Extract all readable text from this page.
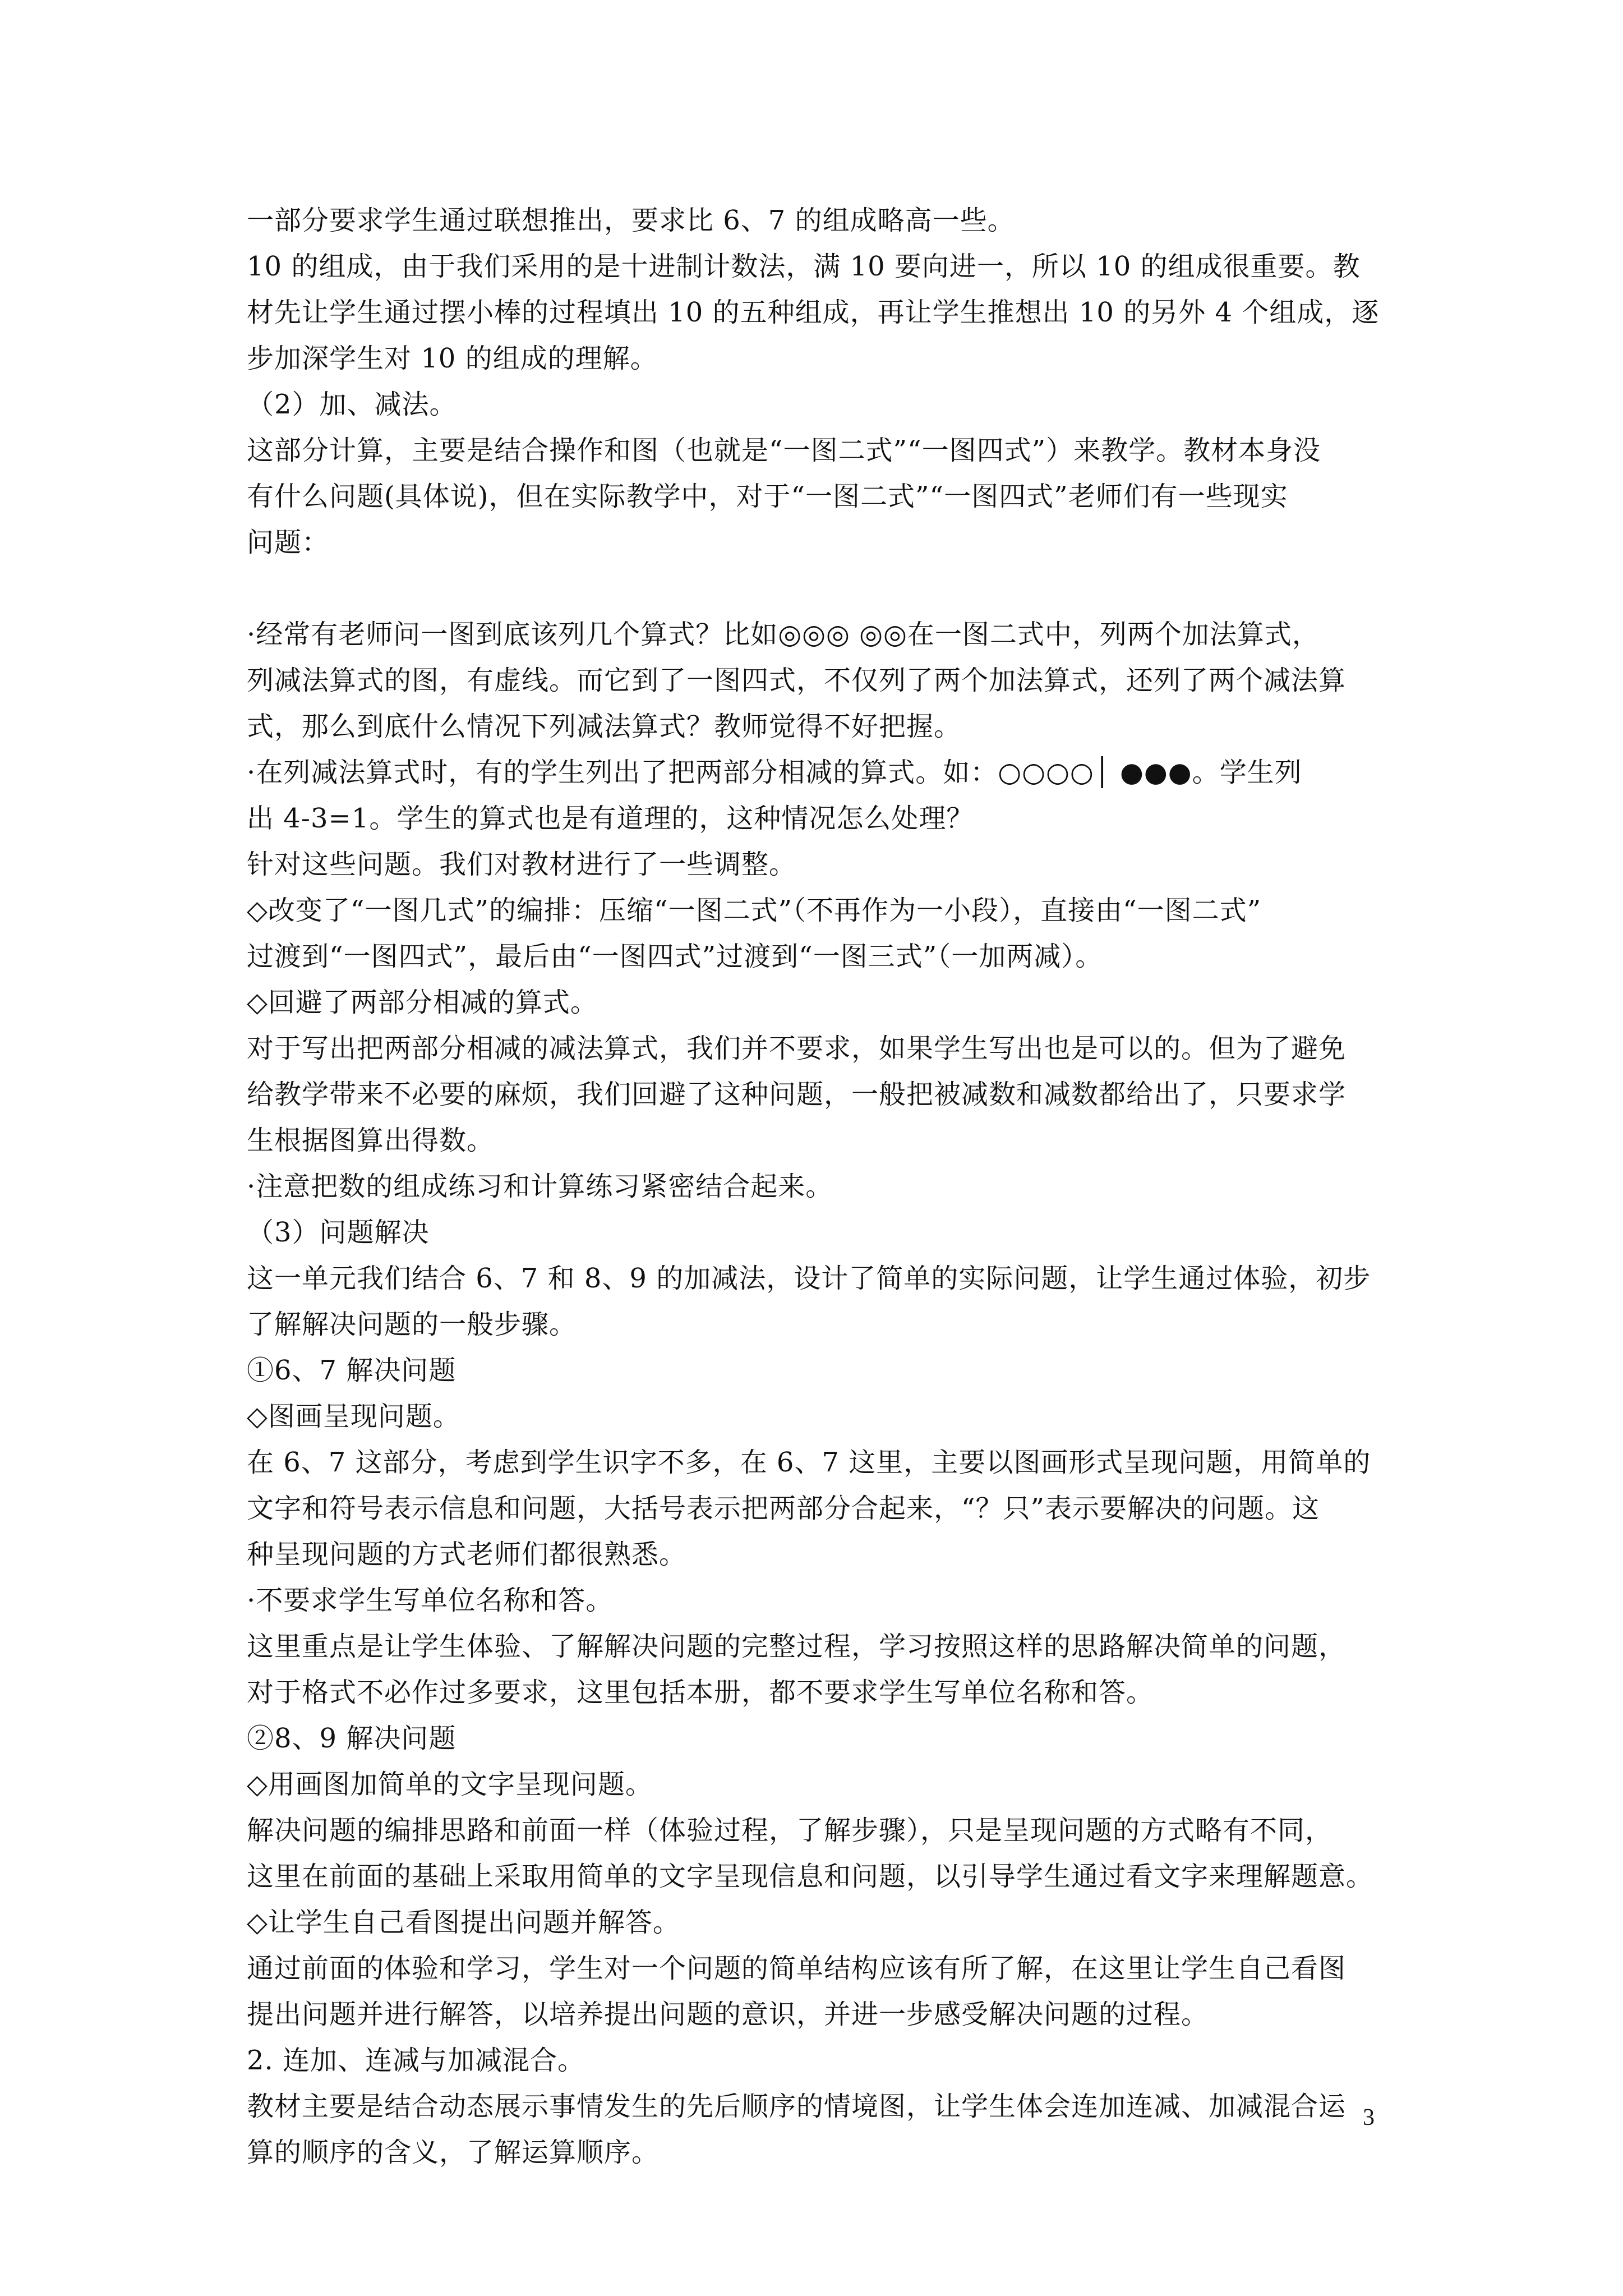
一部分要求学生通过联想推出，要求比 6、7 的组成略高一些。
10 的组成，由于我们采用的是十进制计数法，满 10 要向进一，所以 10 的组成很重要。教
材先让学生通过摆小棒的过程填出 10 的五种组成，再让学生推想出 10 的另外 4 个组成，逐
步加深学生对 10 的组成的理解。
（2）加、减法。
这部分计算，主要是结合操作和图（也就是“一图二式”“一图四式”）来教学。教材本身没
有什么问题(具体说)，但在实际教学中，对于“一图二式”“一图四式”老师们有一些现实
问题：
·经常有老师问一图到底该列几个算式？比如◎◎◎ ◎◎在一图二式中，列两个加法算式，
列减法算式的图，有虚线。而它到了一图四式，不仅列了两个加法算式，还列了两个减法算
式，那么到底什么情况下列减法算式？教师觉得不好把握。
·在列减法算式时，有的学生列出了把两部分相减的算式。如：○○○○│ ●●●。学生列
出 4-3=1。学生的算式也是有道理的，这种情况怎么处理？
针对这些问题。我们对教材进行了一些调整。
◇改变了“一图几式”的编排：压缩“一图二式”（不再作为一小段），直接由“一图二式”
过渡到“一图四式”，最后由“一图四式”过渡到“一图三式”（一加两减）。
◇回避了两部分相减的算式。
对于写出把两部分相减的减法算式，我们并不要求，如果学生写出也是可以的。但为了避免
给教学带来不必要的麻烦，我们回避了这种问题，一般把被减数和减数都给出了，只要求学
生根据图算出得数。
·注意把数的组成练习和计算练习紧密结合起来。
（3）问题解决
这一单元我们结合 6、7 和 8、9 的加减法，设计了简单的实际问题，让学生通过体验，初步
了解解决问题的一般步骤。
①6、7 解决问题
◇图画呈现问题。
在 6、7 这部分，考虑到学生识字不多，在 6、7 这里，主要以图画形式呈现问题，用简单的
文字和符号表示信息和问题，大括号表示把两部分合起来，“？只”表示要解决的问题。这
种呈现问题的方式老师们都很熟悉。
·不要求学生写单位名称和答。
这里重点是让学生体验、了解解决问题的完整过程，学习按照这样的思路解决简单的问题，
对于格式不必作过多要求，这里包括本册，都不要求学生写单位名称和答。
②8、9 解决问题
◇用画图加简单的文字呈现问题。
解决问题的编排思路和前面一样（体验过程，了解步骤），只是呈现问题的方式略有不同，
这里在前面的基础上采取用简单的文字呈现信息和问题，以引导学生通过看文字来理解题意。
◇让学生自己看图提出问题并解答。
通过前面的体验和学习，学生对一个问题的简单结构应该有所了解，在这里让学生自己看图
提出问题并进行解答，以培养提出问题的意识，并进一步感受解决问题的过程。
2. 连加、连减与加减混合。
教材主要是结合动态展示事情发生的先后顺序的情境图，让学生体会连加连减、加减混合运
算的顺序的含义，了解运算顺序。
3
